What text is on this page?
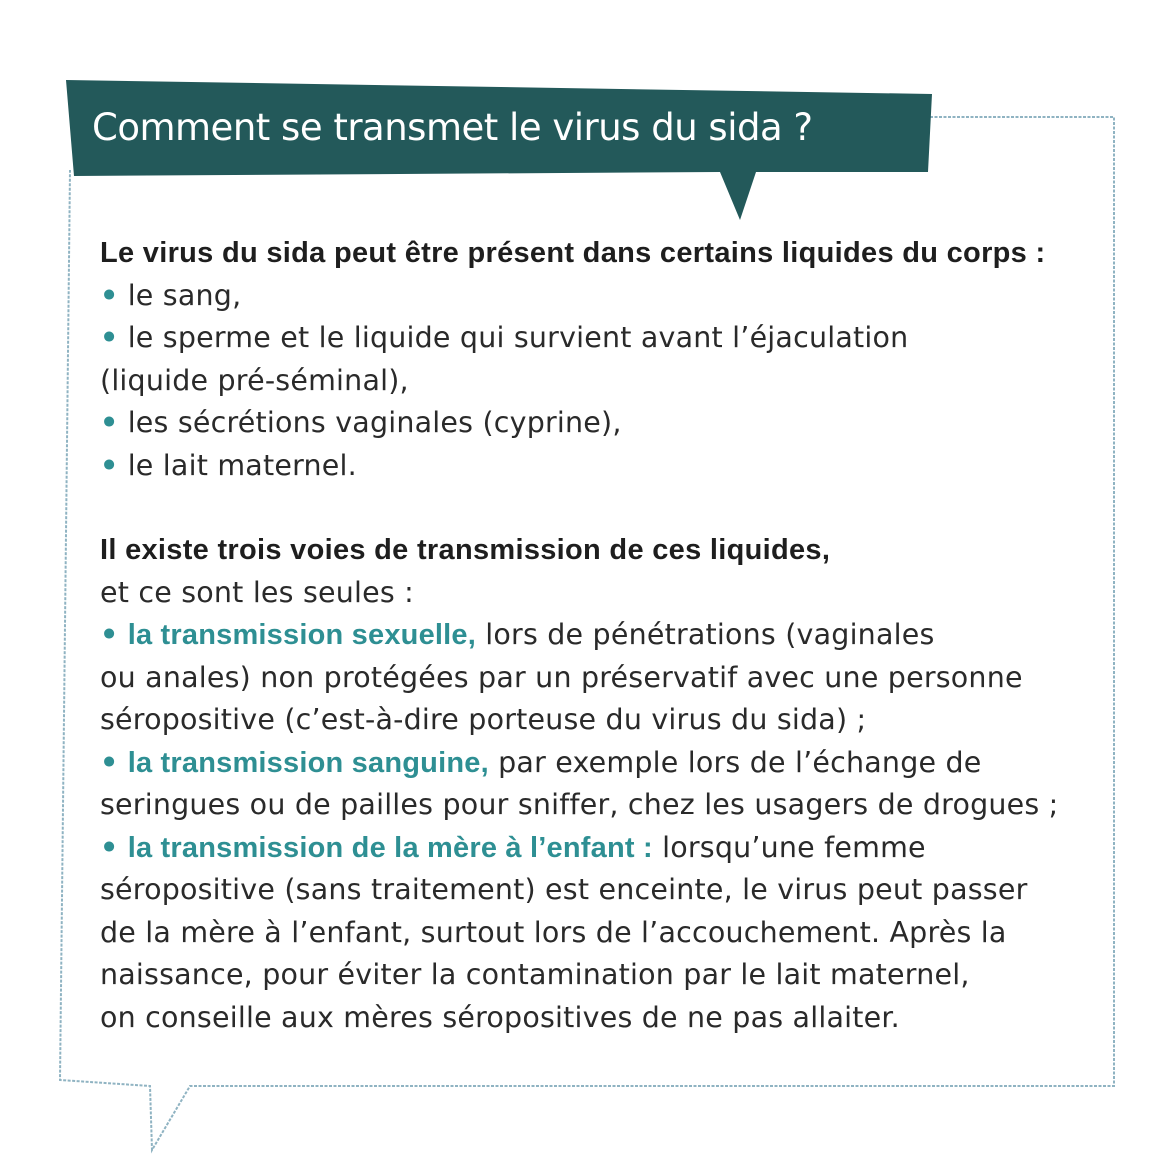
Comment se transmet le virus du sida ?

Le virus du sida peut être présent dans certains liquides du corps :

• le sang,

• le sperme et le liquide qui survient avant l’éjaculation

(liquide pré-séminal),

• les sécrétions vaginales (cyprine),

• le lait maternel.

Il existe trois voies de transmission de ces liquides,

et ce sont les seules :

• la transmission sexuelle, lors de pénétrations (vaginales

ou anales) non protégées par un préservatif avec une personne

séropositive (c’est-à-dire porteuse du virus du sida) ;

• la transmission sanguine, par exemple lors de l’échange de

seringues ou de pailles pour sniffer, chez les usagers de drogues ;

• la transmission de la mère à l’enfant : lorsqu’une femme

séropositive (sans traitement) est enceinte, le virus peut passer

de la mère à l’enfant, surtout lors de l’accouchement. Après la

naissance, pour éviter la contamination par le lait maternel,

on conseille aux mères séropositives de ne pas allaiter.
